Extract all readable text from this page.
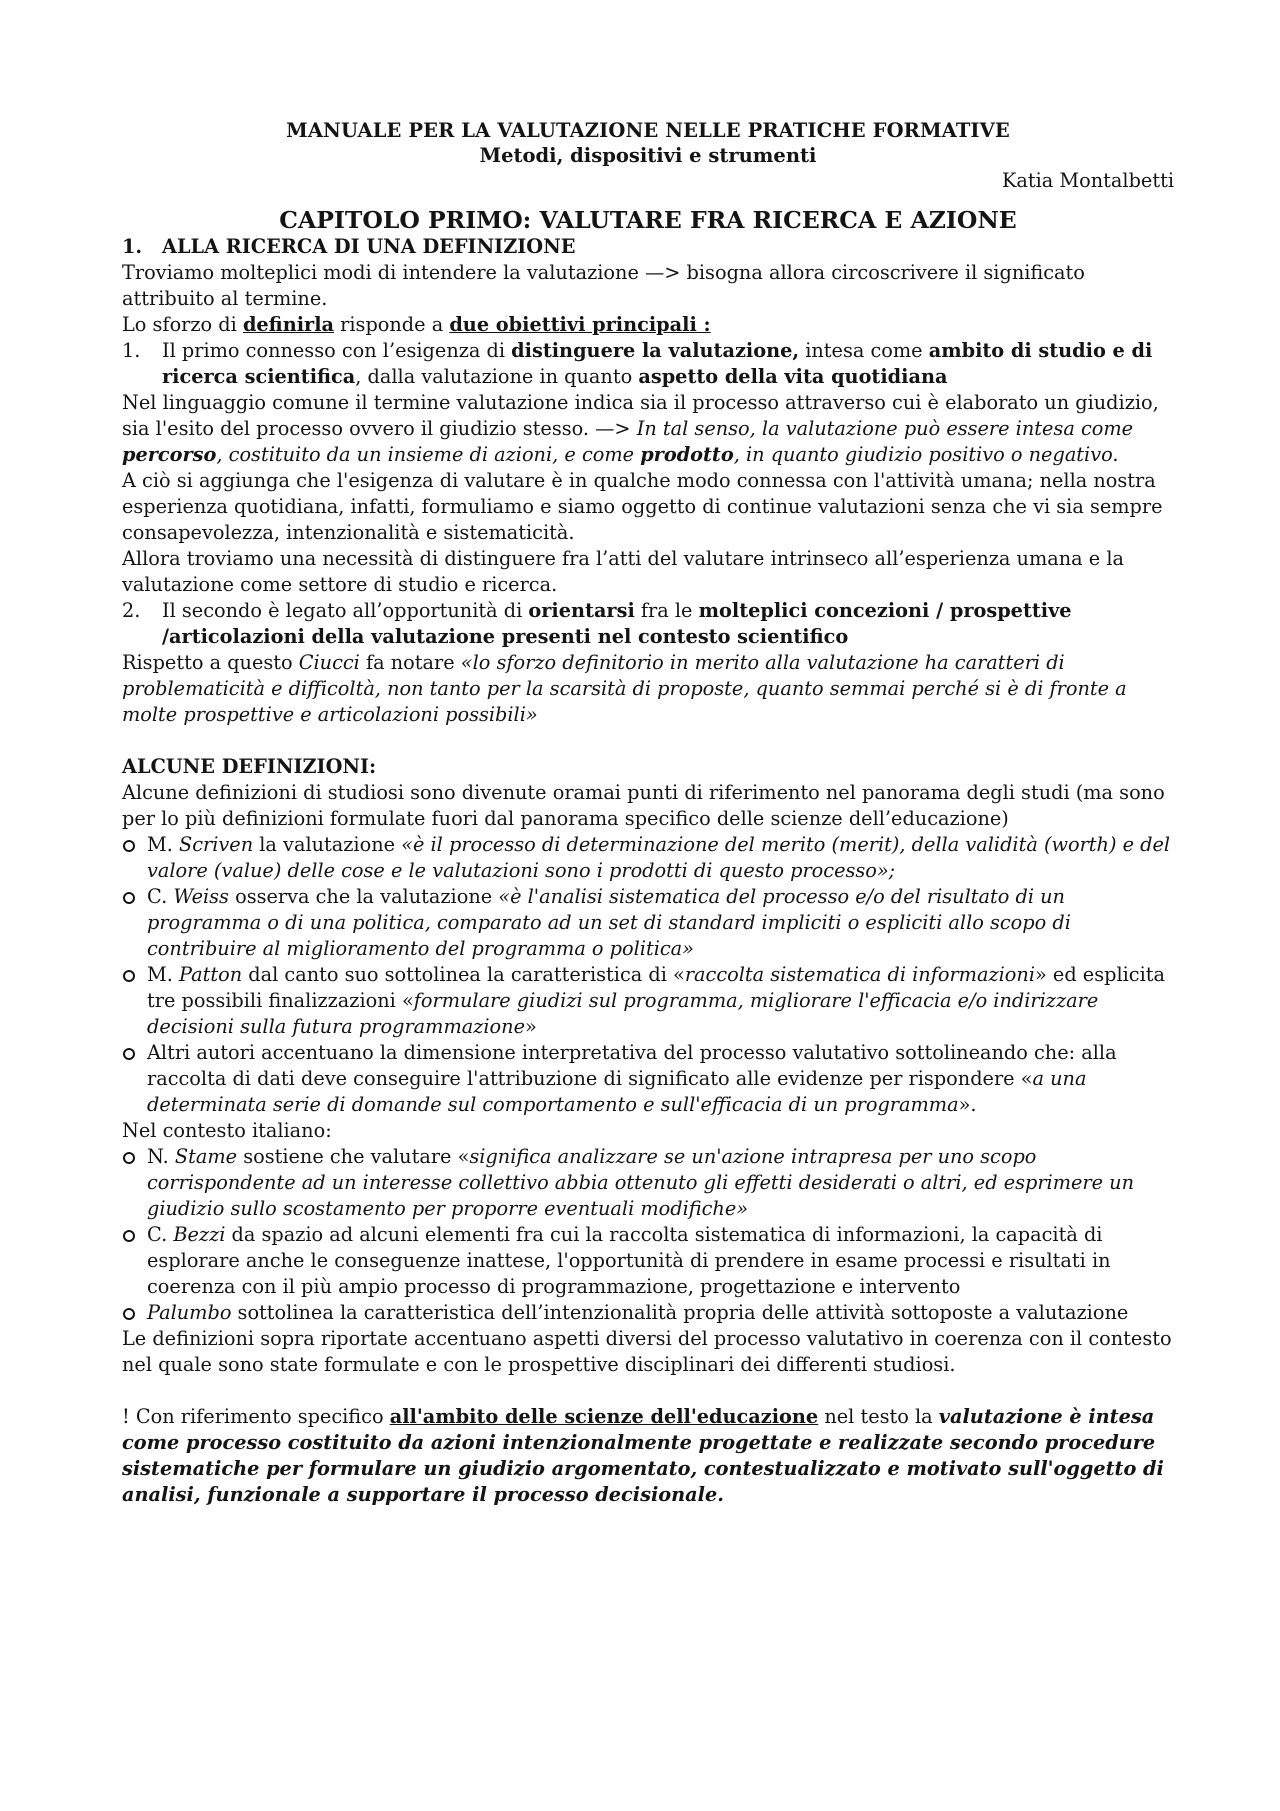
MANUALE PER LA VALUTAZIONE NELLE PRATICHE FORMATIVE
Metodi, dispositivi e strumenti
Katia Montalbetti
CAPITOLO PRIMO: VALUTARE FRA RICERCA E AZIONE
1.	ALLA RICERCA DI UNA DEFINIZIONE

Troviamo molteplici modi di intendere la valutazione —> bisogna allora circoscrivere il significato attribuito al termine.

Lo sforzo di definirla risponde a due obiettivi principali :

1.	Il primo connesso con l’esigenza di distinguere la valutazione, intesa come ambito di studio e di ricerca scientifica, dalla valutazione in quanto aspetto della vita quotidiana

Nel linguaggio comune il termine valutazione indica sia il processo attraverso cui è elaborato un giudizio, sia l'esito del processo ovvero il giudizio stesso. —> In tal senso, la valutazione può essere intesa come percorso, costituito da un insieme di azioni, e come prodotto, in quanto giudizio positivo o negativo.

A ciò si aggiunga che l'esigenza di valutare è in qualche modo connessa con l'attività umana; nella nostra esperienza quotidiana, infatti, formuliamo e siamo oggetto di continue valutazioni senza che vi sia sempre consapevolezza, intenzionalità e sistematicità.

Allora troviamo una necessità di distinguere fra l’atti del valutare intrinseco all’esperienza umana e la valutazione come settore di studio e ricerca.

2.	Il secondo è legato all’opportunità di orientarsi fra le molteplici concezioni / prospettive /articolazioni della valutazione presenti nel contesto scientifico

Rispetto a questo Ciucci fa notare «lo sforzo definitorio in merito alla valutazione ha caratteri di problematicità e difficoltà, non tanto per la scarsità di proposte, quanto semmai perché si è di fronte a molte prospettive e articolazioni possibili»

ALCUNE DEFINIZIONI:

Alcune definizioni di studiosi sono divenute oramai punti di riferimento nel panorama degli studi (ma sono per lo più definizioni formulate fuori dal panorama specifico delle scienze dell’educazione)

M. Scriven la valutazione «è il processo di determinazione del merito (merit), della validità (worth) e del valore (value) delle cose e le valutazioni sono i prodotti di questo processo»;
C. Weiss osserva che la valutazione «è l'analisi sistematica del processo e/o del risultato di un programma o di una politica, comparato ad un set di standard impliciti o espliciti allo scopo di contribuire al miglioramento del programma o politica»
M. Patton dal canto suo sottolinea la caratteristica di «raccolta sistematica di informazioni» ed esplicita tre possibili finalizzazioni «formulare giudizi sul programma, migliorare l'efficacia e/o indirizzare decisioni sulla futura programmazione»
Altri autori accentuano la dimensione interpretativa del processo valutativo sottolineando che: alla raccolta di dati deve conseguire l'attribuzione di significato alle evidenze per rispondere «a una determinata serie di domande sul comportamento e sull'efficacia di un programma».

Nel contesto italiano:

N. Stame sostiene che valutare «significa analizzare se un'azione intrapresa per uno scopo corrispondente ad un interesse collettivo abbia ottenuto gli effetti desiderati o altri, ed esprimere un giudizio sullo scostamento per proporre eventuali modifiche»
C. Bezzi da spazio ad alcuni elementi fra cui la raccolta sistematica di informazioni, la capacità di esplorare anche le conseguenze inattese, l'opportunità di prendere in esame processi e risultati in coerenza con il più ampio processo di programmazione, progettazione e intervento
Palumbo sottolinea la caratteristica dell’intenzionalità propria delle attività sottoposte a valutazione

Le definizioni sopra riportate accentuano aspetti diversi del processo valutativo in coerenza con il contesto nel quale sono state formulate e con le prospettive disciplinari dei differenti studiosi.

! Con riferimento specifico all'ambito delle scienze dell'educazione nel testo la valutazione è intesa come processo costituito da azioni intenzionalmente progettate e realizzate secondo procedure sistematiche per formulare un giudizio argomentato, contestualizzato e motivato sull'oggetto di analisi, funzionale a supportare il processo decisionale.
